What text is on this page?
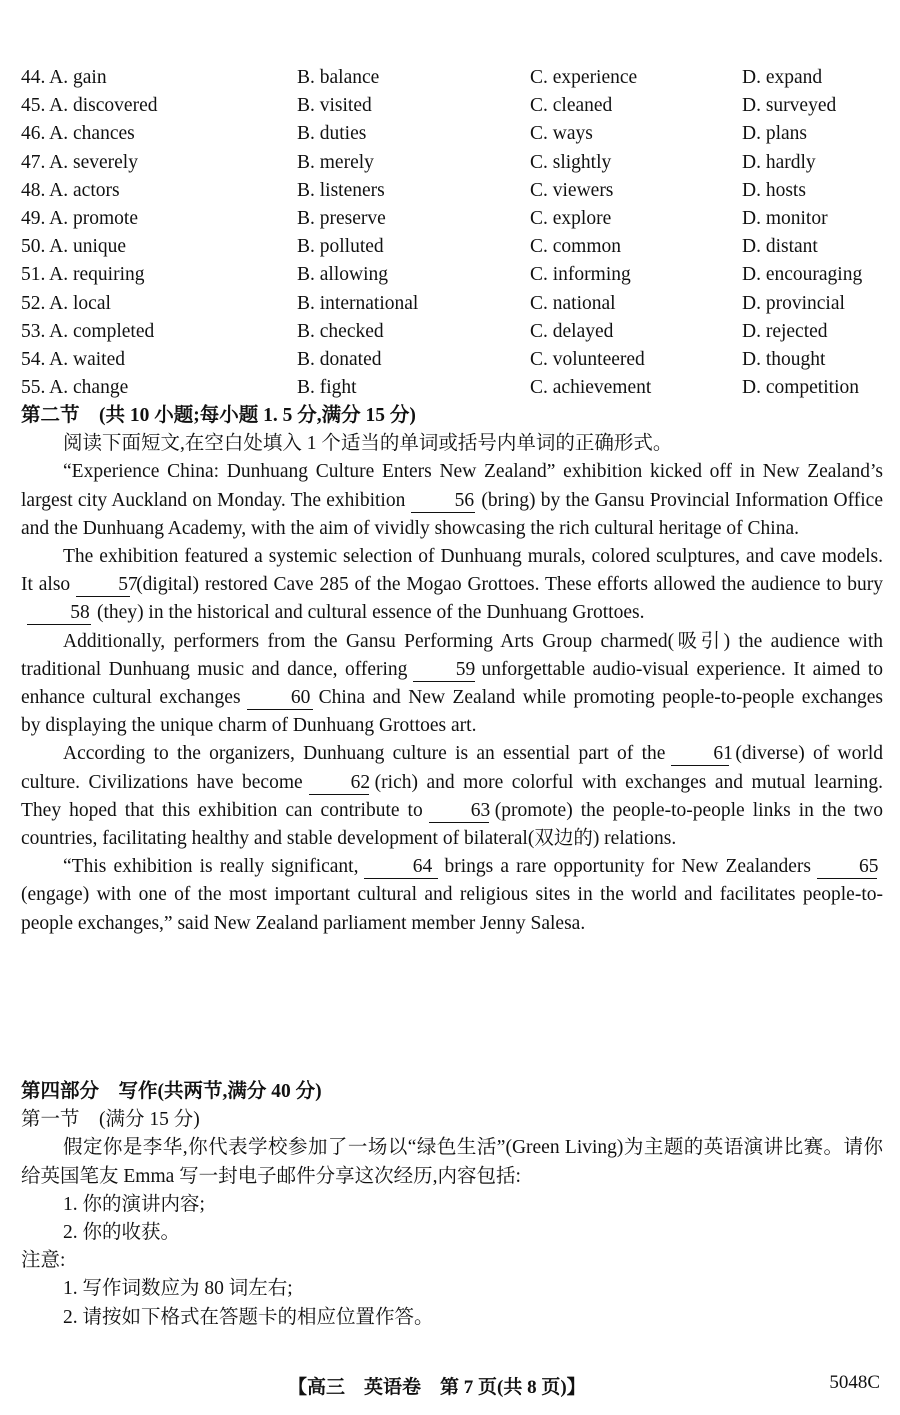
44. A. gain	B. balance	C. experience	D. expand
45. A. discovered	B. visited	C. cleaned	D. surveyed
46. A. chances	B. duties	C. ways	D. plans
47. A. severely	B. merely	C. slightly	D. hardly
48. A. actors	B. listeners	C. viewers	D. hosts
49. A. promote	B. preserve	C. explore	D. monitor
50. A. unique	B. polluted	C. common	D. distant
51. A. requiring	B. allowing	C. informing	D. encouraging
52. A. local	B. international	C. national	D. provincial
53. A. completed	B. checked	C. delayed	D. rejected
54. A. waited	B. donated	C. volunteered	D. thought
55. A. change	B. fight	C. achievement	D. competition
第二节　(共 10 小题;每小题 1. 5 分,满分 15 分)

阅读下面短文,在空白处填入 1 个适当的单词或括号内单词的正确形式。

“Experience China: Dunhuang Culture Enters New Zealand” exhibition kicked off in New Zealand’s largest city Auckland on Monday. The exhibition	56 (bring) by the Gansu Provincial Information Office and the Dunhuang Academy, with the aim of vividly showcasing the rich cultural heritage of China.

The exhibition featured a systemic selection of Dunhuang murals, colored sculptures, and cave models. It also 57(digital) restored Cave 285 of the Mogao Grottoes. These efforts allowed the audience to bury58 (they) in the historical and cultural essence of the Dunhuang Grottoes.

Additionally, performers from the Gansu Performing Arts Group charmed(吸引) the audience with traditional Dunhuang music and dance, offering 59 unforgettable audio-visual experience. It aimed to enhance cultural exchanges	60 China and New Zealand while promoting people-to-people exchanges by displaying the unique charm of Dunhuang Grottoes art.

According to the organizers, Dunhuang culture is an essential part of the 61 (diverse) of world culture. Civilizations have become 62 (rich) and more colorful with exchanges and mutual learning. They hoped that this exhibition can contribute to 63 (promote) the people-to-people links in the two countries, facilitating healthy and stable development of bilateral(双边的) relations.

“This exhibition is really significant,	64 brings a rare opportunity for New Zealanders 65(engage) with one of the most important cultural and religious sites in the world and facilitates people-to-people exchanges,” said New Zealand parliament member Jenny Salesa.

第四部分　写作(共两节,满分 40 分)
第一节　(满分 15 分)

假定你是李华,你代表学校参加了一场以“绿色生活”(Green Living)为主题的英语演讲比赛。请你给英国笔友 Emma 写一封电子邮件分享这次经历,内容包括:

1. 你的演讲内容;
2. 你的收获。
注意:
1. 写作词数应为 80 词左右;
2. 请按如下格式在答题卡的相应位置作答。
【高三　英语卷　第 7 页(共 8 页)】	5048C
